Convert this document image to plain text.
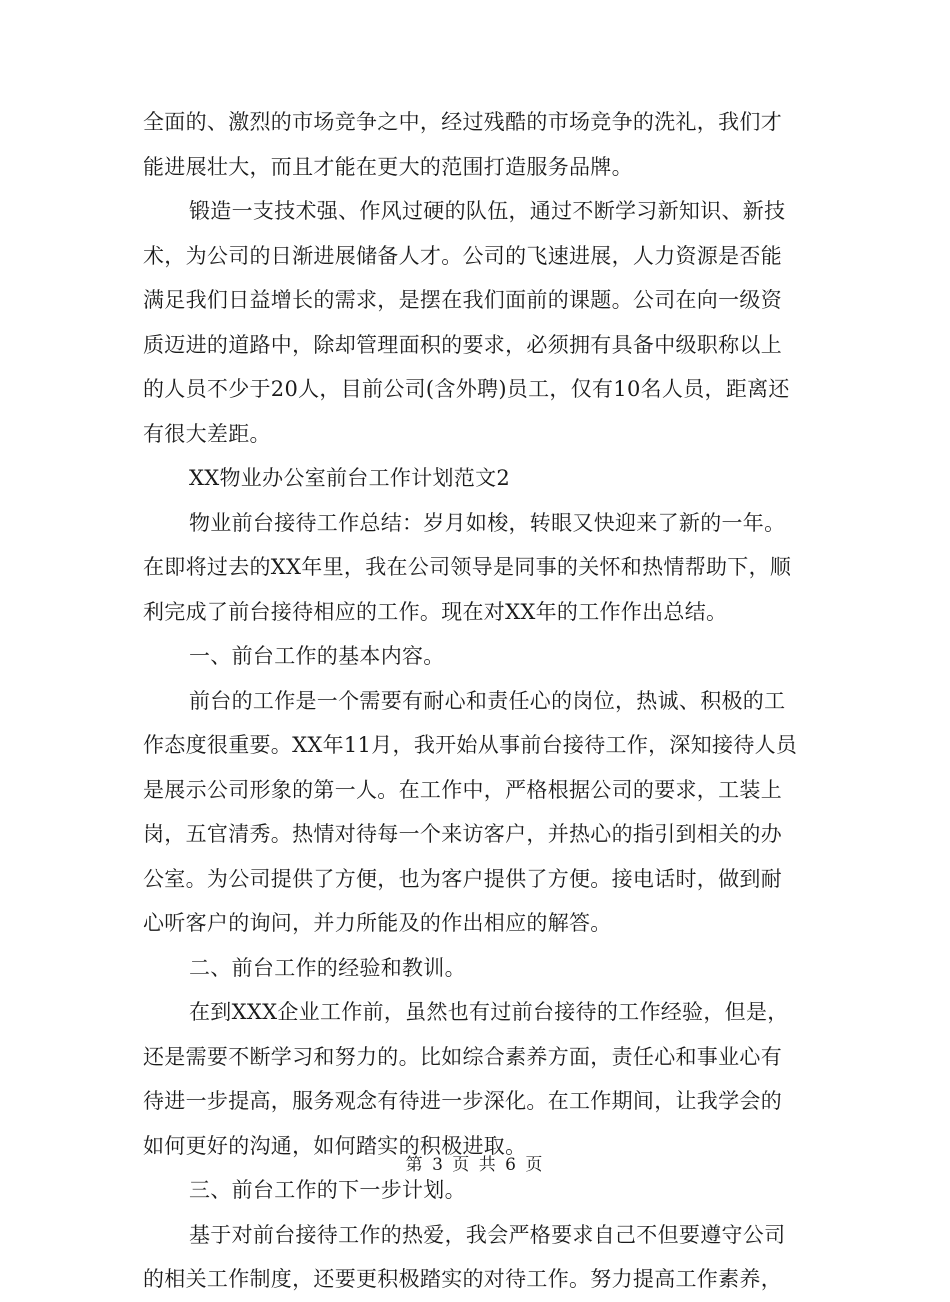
全面的、激烈的市场竞争之中，经过残酷的市场竞争的洗礼，我们才
能进展壮大，而且才能在更大的范围打造服务品牌。
锻造一支技术强、作风过硬的队伍，通过不断学习新知识、新技
术，为公司的日渐进展储备人才。公司的飞速进展，人力资源是否能
满足我们日益增长的需求，是摆在我们面前的课题。公司在向一级资
质迈进的道路中，除却管理面积的要求，必须拥有具备中级职称以上
的人员不少于20人，目前公司(含外聘)员工，仅有10名人员，距离还
有很大差距。
XX物业办公室前台工作计划范文2
物业前台接待工作总结：岁月如梭，转眼又快迎来了新的一年。
在即将过去的XX年里，我在公司领导是同事的关怀和热情帮助下，顺
利完成了前台接待相应的工作。现在对XX年的工作作出总结。
一、前台工作的基本内容。
前台的工作是一个需要有耐心和责任心的岗位，热诚、积极的工
作态度很重要。XX年11月，我开始从事前台接待工作，深知接待人员
是展示公司形象的第一人。在工作中，严格根据公司的要求，工装上
岗，五官清秀。热情对待每一个来访客户，并热心的指引到相关的办
公室。为公司提供了方便，也为客户提供了方便。接电话时，做到耐
心听客户的询问，并力所能及的作出相应的解答。
二、前台工作的经验和教训。
在到XXX企业工作前，虽然也有过前台接待的工作经验，但是，
还是需要不断学习和努力的。比如综合素养方面，责任心和事业心有
待进一步提高，服务观念有待进一步深化。在工作期间，让我学会的
如何更好的沟通，如何踏实的积极进取。
三、前台工作的下一步计划。
基于对前台接待工作的热爱，我会严格要求自己不但要遵守公司
的相关工作制度，还要更积极踏实的对待工作。努力提高工作素养，
第 3 页 共 6 页
